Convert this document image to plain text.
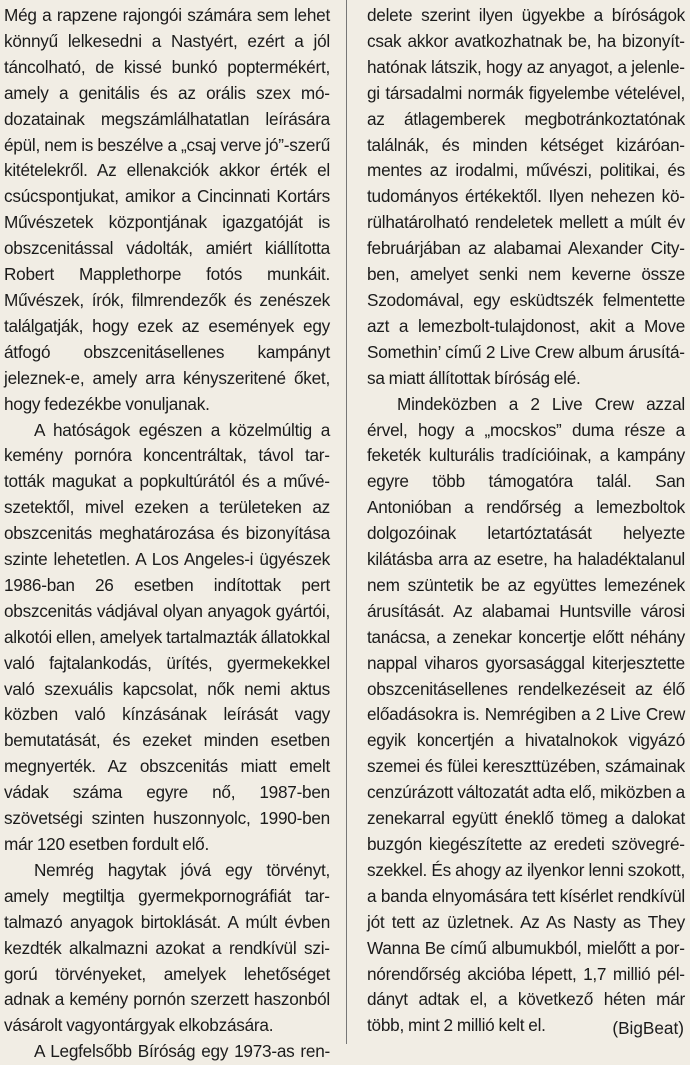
Még a rapzene rajongói számára sem lehet könnyű lelkesedni a Nastyért, ezért a jól táncolható, de kissé bunkó poptermékért, amely a genitális és az orális szex módozatainak megszámlálhatatlan leírására épül, nem is beszélve a „csaj verve jó”-szerű kitételekről. Az ellenakciók akkor érték el csúcspontjukat, amikor a Cincinnati Kortárs Művészetek központjának igazgatóját is obszcenitással vádolták, amiért kiállította Robert Mapplethorpe fotós munkáit. Művészek, írók, filmrendezők és zenészek találgatják, hogy ezek az események egy átfogó obszcenitásellenes kampányt jeleznek-e, amely arra kényszeritené őket, hogy fedezékbe vonuljanak.

A hatóságok egészen a közelmúltig a kemény pornóra koncentráltak, távol tartották magukat a popkultúrától és a művészetektől, mivel ezeken a területeken az obszcenitás meghatározása és bizonyítása szinte lehetetlen. A Los Angeles-i ügyészek 1986-ban 26 esetben indítottak pert obszcenitás vádjával olyan anyagok gyártói, alkotói ellen, amelyek tartalmazták állatokkal való fajtalankodás, ürítés, gyermekekkel való szexuális kapcsolat, nők nemi aktus közben való kínzásának leírását vagy bemutatását, és ezeket minden esetben megnyerték. Az obszcenitás miatt emelt vádak száma egyre nő, 1987-ben szövetségi szinten huszonnyolc, 1990-ben már 120 esetben fordult elő.

Nemrég hagytak jóvá egy törvényt, amely megtiltja gyermekpornográfiát tartalmazó anyagok birtoklását. A múlt évben kezdték alkalmazni azokat a rendkívül szigorú törvényeket, amelyek lehetőséget adnak a kemény pornón szerzett haszonból vásárolt vagyontárgyak elkobzására.

A Legfelsőbb Bíróság egy 1973-as ren-

delete szerint ilyen ügyekbe a bíróságok csak akkor avatkozhatnak be, ha bizonyíthatónak látszik, hogy az anyagot, a jelenlegi társadalmi normák figyelembe vételével, az átlagemberek megbotránkoztatónak találnák, és minden kétséget kizáróanmentes az irodalmi, művészi, politikai, és tudományos értékektől. Ilyen nehezen körülhatárolható rendeletek mellett a múlt év februárjában az alabamai Alexander Cityben, amelyet senki nem keverne össze Szodomával, egy esküdtszék felmentette azt a lemezbolt-tulajdonost, akit a Move Somethin’ című 2 Live Crew album árusítása miatt állítottak bíróság elé.

Mindeközben a 2 Live Crew azzal érvel, hogy a „mocskos” duma része a feketék kulturális tradícióinak, a kampány egyre több támogatóra talál. San Antonióban a rendőrség a lemezboltok dolgozóinak letartóztatását helyezte kilátásba arra az esetre, ha haladéktalanul nem szüntetik be az együttes lemezének árusítását. Az alabamai Huntsville városi tanácsa, a zenekar koncertje előtt néhány nappal viharos gyorsasággal kiterjesztette obszcenitásellenes rendelkezéseit az élő előadásokra is. Nemrégiben a 2 Live Crew egyik koncertjén a hivatalnokok vigyázó szemei és fülei kereszttüzében, számainak cenzúrázott változatát adta elő, miközben a zenekarral együtt éneklő tömeg a dalokat buzgón kiegészítette az eredeti szövegrészekkel. És ahogy az ilyenkor lenni szokott, a banda elnyomására tett kísérlet rendkívül jót tett az üzletnek. Az As Nasty as They Wanna Be című albumukból, mielőtt a pornórendőrség akcióba lépett, 1,7 millió példányt adtak el, a következő héten már több, mint 2 millió kelt el.	(BigBeat)
